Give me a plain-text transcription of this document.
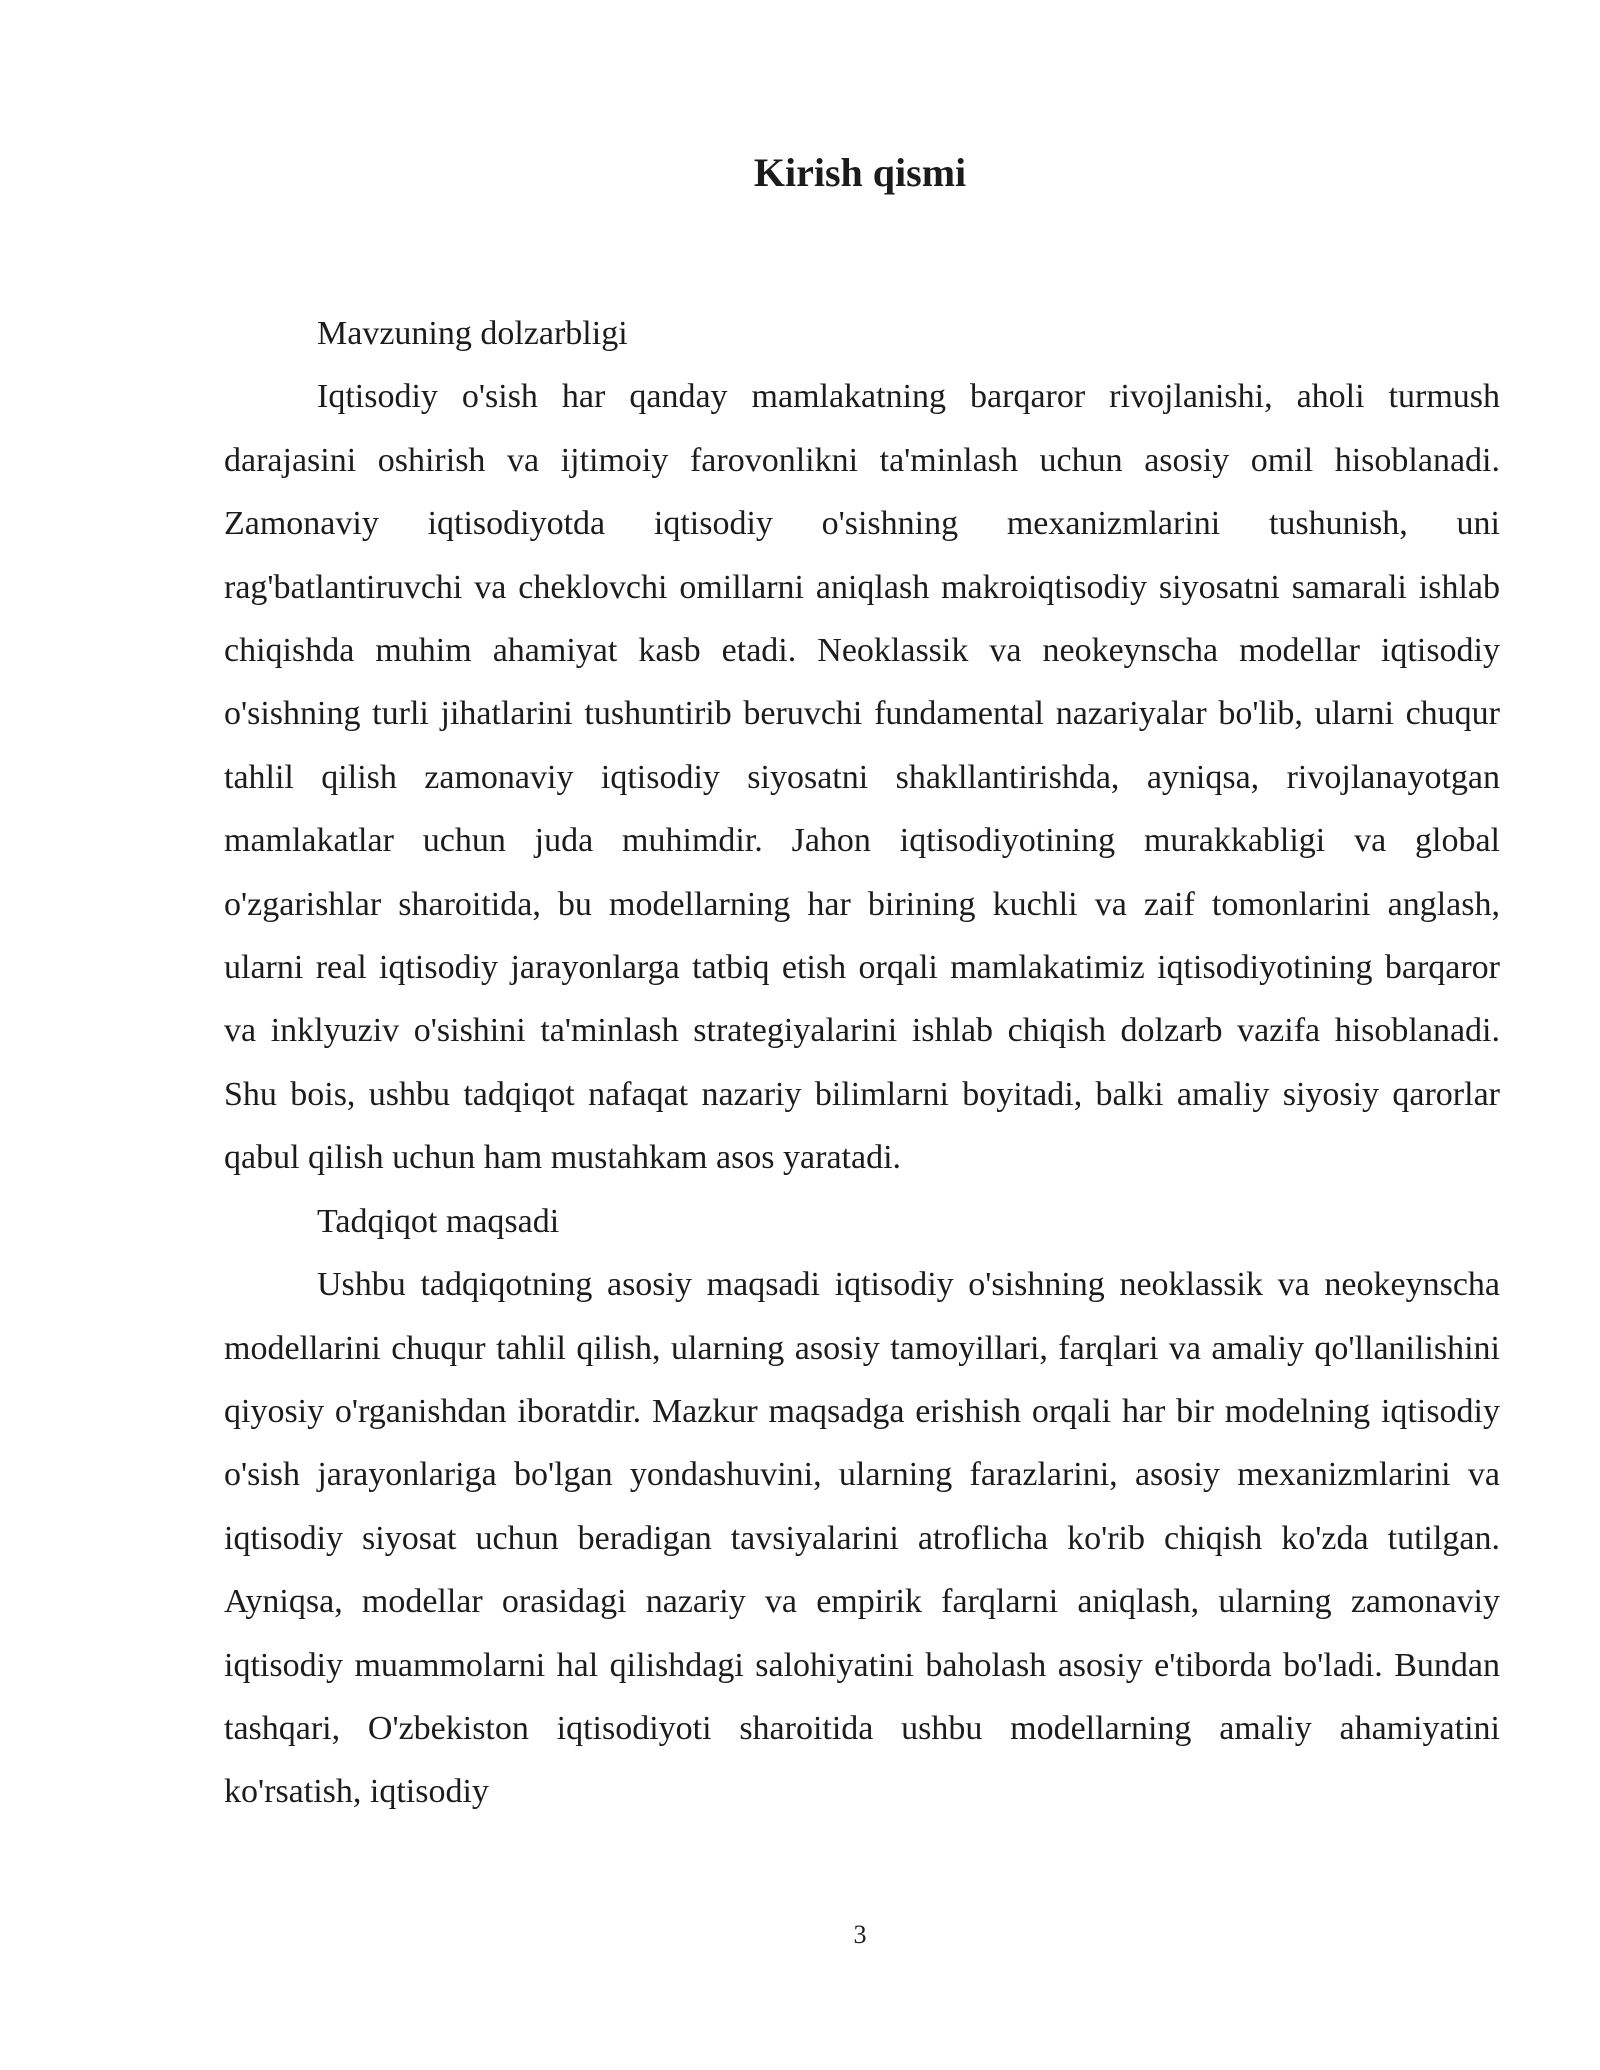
Kirish qismi

Mavzuning dolzarbligi

Iqtisodiy o'sish har qanday mamlakatning barqaror rivojlanishi, aholi turmush darajasini oshirish va ijtimoiy farovonlikni ta'minlash uchun asosiy omil hisoblanadi. Zamonaviy iqtisodiyotda iqtisodiy o'sishning mexanizmlarini tushunish, uni rag'batlantiruvchi va cheklovchi omillarni aniqlash makroiqtisodiy siyosatni samarali ishlab chiqishda muhim ahamiyat kasb etadi. Neoklassik va neokeynscha modellar iqtisodiy o'sishning turli jihatlarini tushuntirib beruvchi fundamental nazariyalar bo'lib, ularni chuqur tahlil qilish zamonaviy iqtisodiy siyosatni shakllantirishda, ayniqsa, rivojlanayotgan mamlakatlar uchun juda muhimdir. Jahon iqtisodiyotining murakkabligi va global o'zgarishlar sharoitida, bu modellarning har birining kuchli va zaif tomonlarini anglash, ularni real iqtisodiy jarayonlarga tatbiq etish orqali mamlakatimiz iqtisodiyotining barqaror va inklyuziv o'sishini ta'minlash strategiyalarini ishlab chiqish dolzarb vazifa hisoblanadi. Shu bois, ushbu tadqiqot nafaqat nazariy bilimlarni boyitadi, balki amaliy siyosiy qarorlar qabul qilish uchun ham mustahkam asos yaratadi.

Tadqiqot maqsadi

Ushbu tadqiqotning asosiy maqsadi iqtisodiy o'sishning neoklassik va neokeynscha modellarini chuqur tahlil qilish, ularning asosiy tamoyillari, farqlari va amaliy qo'llanilishini qiyosiy o'rganishdan iboratdir. Mazkur maqsadga erishish orqali har bir modelning iqtisodiy o'sish jarayonlariga bo'lgan yondashuvini, ularning farazlarini, asosiy mexanizmlarini va iqtisodiy siyosat uchun beradigan tavsiyalarini atroflicha ko'rib chiqish ko'zda tutilgan. Ayniqsa, modellar orasidagi nazariy va empirik farqlarni aniqlash, ularning zamonaviy iqtisodiy muammolarni hal qilishdagi salohiyatini baholash asosiy e'tiborda bo'ladi. Bundan tashqari, O'zbekiston iqtisodiyoti sharoitida ushbu modellarning amaliy ahamiyatini ko'rsatish, iqtisodiy

3
